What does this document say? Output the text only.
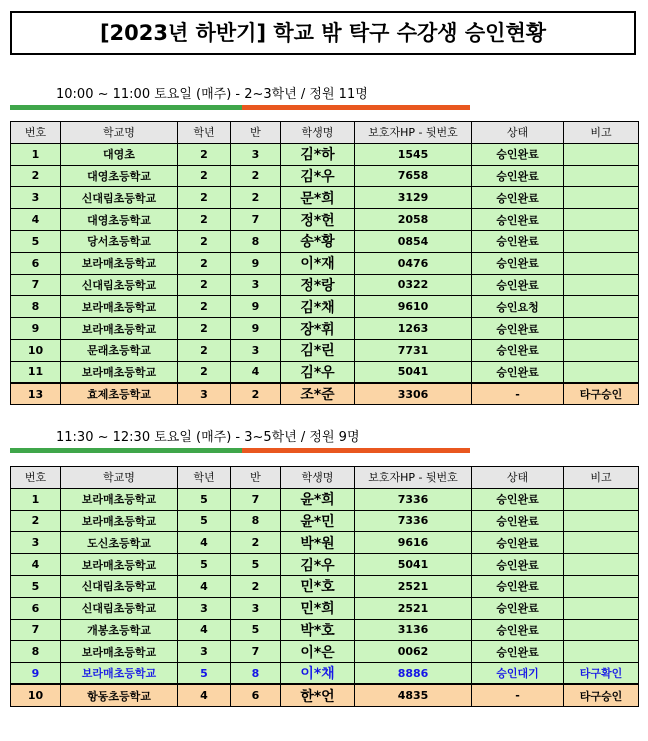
[2023년 하반기] 학교 밖 탁구 수강생 승인현황
10:00 ~ 11:00 토요일 (매주) - 2~3학년 / 정원 11명
번호	학교명	학년	반	학생명	보호자HP - 뒷번호	상태	비고
1	대영초	2	3	김*하	1545	승인완료	
2	대영초등학교	2	2	김*우	7658	승인완료	
3	신대림초등학교	2	2	문*희	3129	승인완료	
4	대영초등학교	2	7	정*헌	2058	승인완료	
5	당서초등학교	2	8	송*황	0854	승인완료	
6	보라매초등학교	2	9	이*재	0476	승인완료	
7	신대림초등학교	2	3	정*랑	0322	승인완료	
8	보라매초등학교	2	9	김*채	9610	승인요청	
9	보라매초등학교	2	9	장*휘	1263	승인완료	
10	문래초등학교	2	3	김*린	7731	승인완료	
11	보라매초등학교	2	4	김*우	5041	승인완료	
13	효제초등학교	3	2	조*준	3306	-	타구승인
11:30 ~ 12:30 토요일 (매주) - 3~5학년 / 정원 9명
번호	학교명	학년	반	학생명	보호자HP - 뒷번호	상태	비고
1	보라매초등학교	5	7	윤*희	7336	승인완료	
2	보라매초등학교	5	8	윤*민	7336	승인완료	
3	도신초등학교	4	2	박*원	9616	승인완료	
4	보라매초등학교	5	5	김*우	5041	승인완료	
5	신대림초등학교	4	2	민*호	2521	승인완료	
6	신대림초등학교	3	3	민*희	2521	승인완료	
7	개봉초등학교	4	5	박*호	3136	승인완료	
8	보라매초등학교	3	7	이*은	0062	승인완료	
9	보라매초등학교	5	8	이*채	8886	승인대기	타구확인
10	항동초등학교	4	6	한*언	4835	-	타구승인
